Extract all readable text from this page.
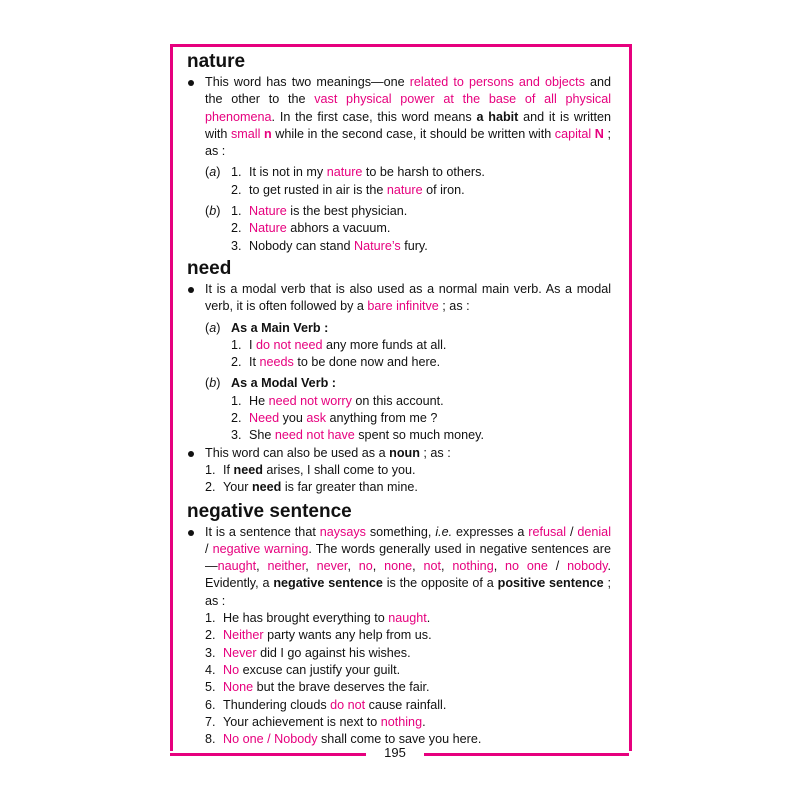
195
nature

This word has two meanings—one related to persons and objects and the other to the vast physical power at the base of all physical phenomena. In the first case, this word means a habit and it is written with small n while in the second case, it should be written with capital N ; as :

(a) 1. It is not in my nature to be harsh to others.
2. to get rusted in air is the nature of iron.
(b) 1. Nature is the best physician.
2. Nature abhors a vacuum.
3. Nobody can stand Nature’s fury.
need

It is a modal verb that is also used as a normal main verb. As a modal verb, it is often followed by a bare infinitve ; as :

(a) As a Main Verb :
1. I do not need any more funds at all.
2. It needs to be done now and here.
(b) As a Modal Verb :
1. He need not worry on this account.
2. Need you ask anything from me ?
3. She need not have spent so much money.

This word can also be used as a noun ; as :

1. If need arises, I shall come to you.
2. Your need is far greater than mine.
negative sentence

It is a sentence that naysays something, i.e. expresses a refusal / denial / negative warning. The words generally used in negative sentences are—naught, neither, never, no, none, not, nothing, no one / nobody. Evidently, a negative sentence is the opposite of a positive sentence ; as :

1. He has brought everything to naught.
2. Neither party wants any help from us.
3. Never did I go against his wishes.
4. No excuse can justify your guilt.
5. None but the brave deserves the fair.
6. Thundering clouds do not cause rainfall.
7. Your achievement is next to nothing.
8. No one / Nobody shall come to save you here.
